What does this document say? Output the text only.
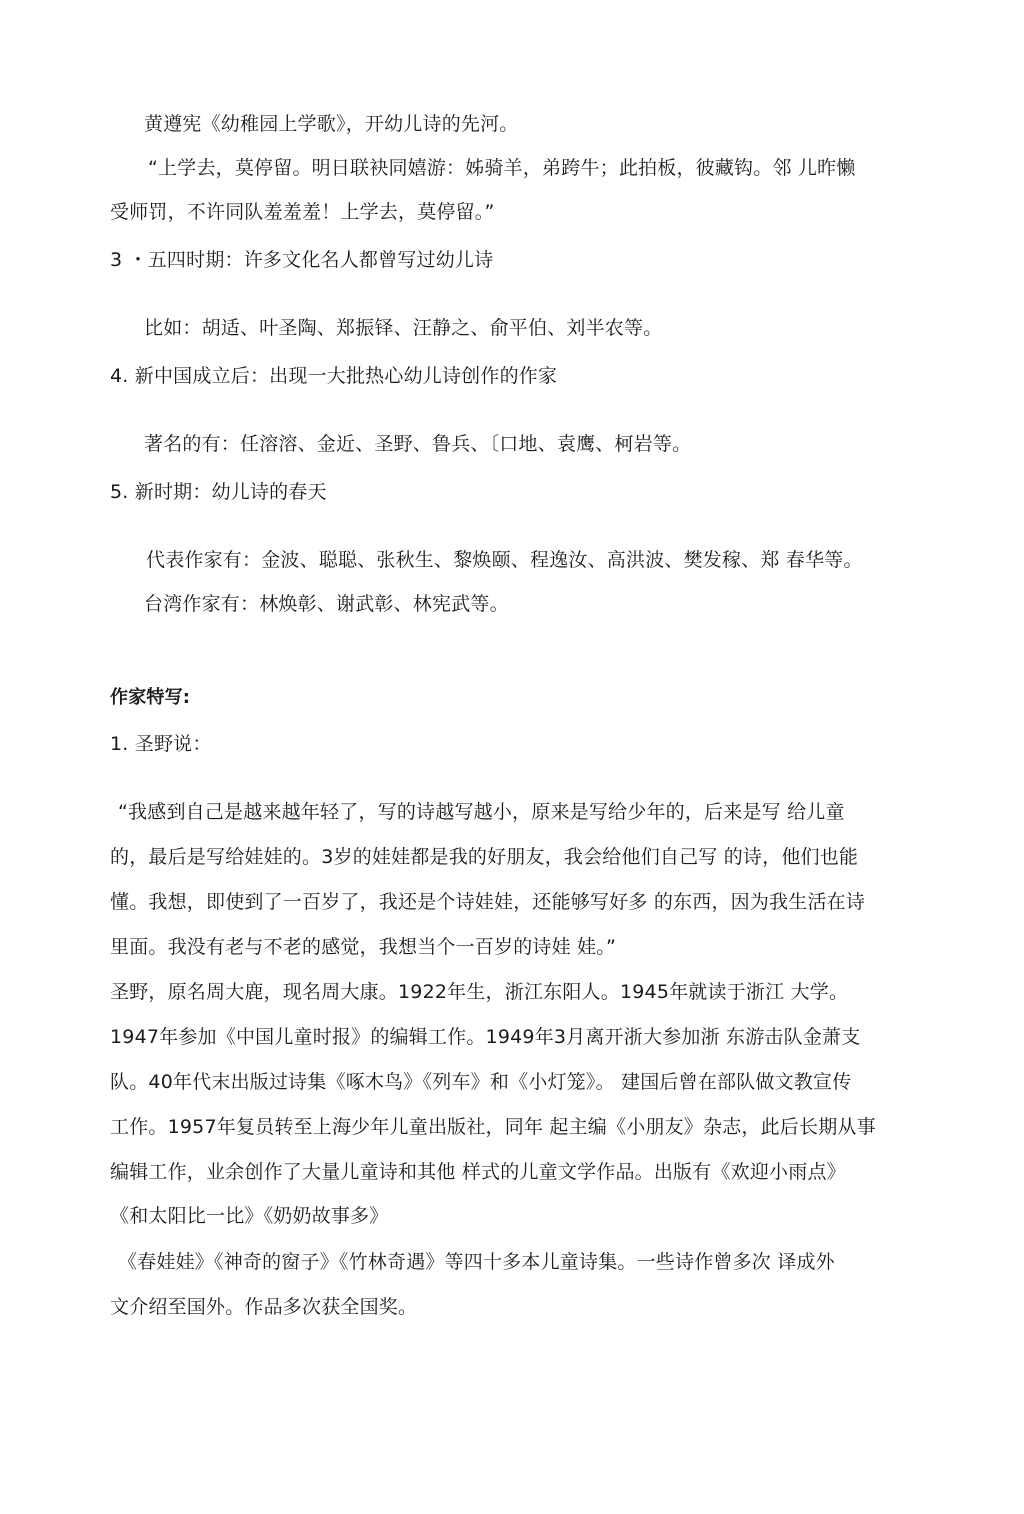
黄遵宪《幼稚园上学歌》，开幼儿诗的先河。

“上学去，莫停留。明日联袂同嬉游：姊骑羊，弟跨牛；此拍板，彼藏钩。邻 儿昨懒

受师罚，不许同队羞羞羞！上学去，莫停留。”

3 ・五四时期：许多文化名人都曾写过幼儿诗

比如：胡适、叶圣陶、郑振铎、汪静之、俞平伯、刘半农等。

4. 新中国成立后：出现一大批热心幼儿诗创作的作家

著名的有：任溶溶、金近、圣野、鲁兵、〔口地、袁鹰、柯岩等。

5. 新时期：幼儿诗的春天

代表作家有：金波、聪聪、张秋生、黎焕颐、程逸汝、高洪波、樊发稼、郑 春华等。

台湾作家有：林焕彰、谢武彰、林宪武等。

作家特写:

1. 圣野说：

“我感到自己是越来越年轻了，写的诗越写越小，原来是写给少年的，后来是写 给儿童

的，最后是写给娃娃的。3岁的娃娃都是我的好朋友，我会给他们自己写 的诗，他们也能

懂。我想，即使到了一百岁了，我还是个诗娃娃，还能够写好多 的东西，因为我生活在诗

里面。我没有老与不老的感觉，我想当个一百岁的诗娃 娃。”

圣野，原名周大鹿，现名周大康。1922年生，浙江东阳人。1945年就读于浙江 大学。

1947年参加《中国儿童时报》的编辑工作。1949年3月离开浙大参加浙 东游击队金萧支

队。40年代末出版过诗集《啄木鸟》《列车》和《小灯笼》。 建国后曾在部队做文教宣传

工作。1957年复员转至上海少年儿童出版社，同年 起主编《小朋友》杂志，此后长期从事

编辑工作，业余创作了大量儿童诗和其他 样式的儿童文学作品。出版有《欢迎小雨点》

《和太阳比一比》《奶奶故事多》

《春娃娃》《神奇的窗子》《竹林奇遇》等四十多本儿童诗集。一些诗作曾多次 译成外

文介绍至国外。作品多次获全国奖。
